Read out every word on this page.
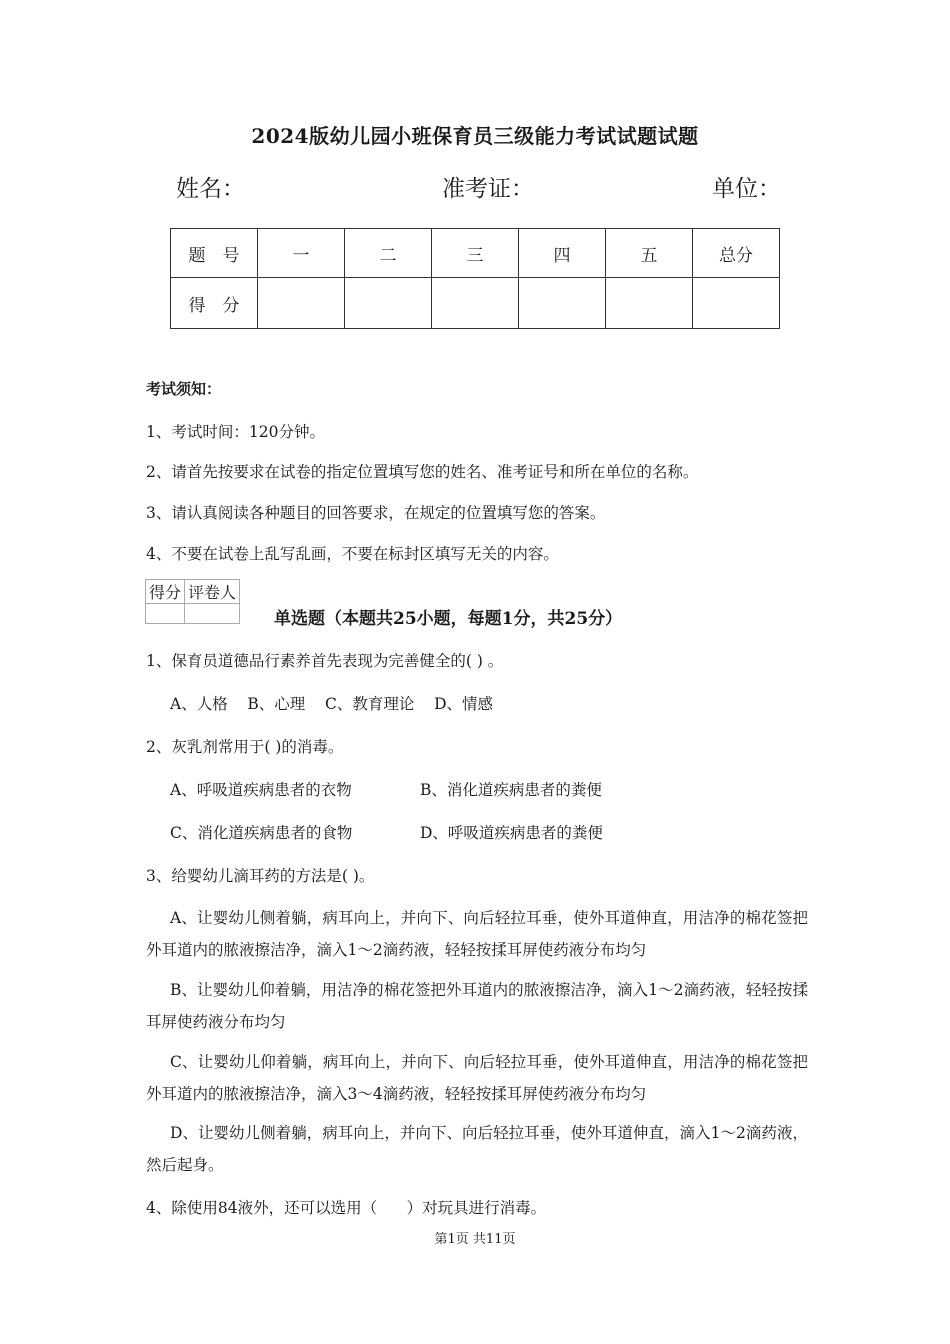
2024版幼儿园小班保育员三级能力考试试题试题
姓名：	准考证：	单位：
题　号	一	二	三	四	五	总分
得　分						
考试须知：
1、考试时间：120分钟。
2、请首先按要求在试卷的指定位置填写您的姓名、准考证号和所在单位的名称。
3、请认真阅读各种题目的回答要求，在规定的位置填写您的答案。
4、不要在试卷上乱写乱画，不要在标封区填写无关的内容。
得分	评卷人

单选题（本题共25小题，每题1分，共25分）
1、保育员道德品行素养首先表现为完善健全的( ) 。
A、人格    B、心理    C、教育理论    D、情感
2、灰乳剂常用于( )的消毒。
A、呼吸道疾病患者的衣物	B、消化道疾病患者的粪便
C、消化道疾病患者的食物	D、呼吸道疾病患者的粪便
3、给婴幼儿滴耳药的方法是( )。
A、让婴幼儿侧着躺，病耳向上，并向下、向后轻拉耳垂，使外耳道伸直，用洁净的棉花签把外耳道内的脓液擦洁净，滴入1～2滴药液，轻轻按揉耳屏使药液分布均匀
B、让婴幼儿仰着躺，用洁净的棉花签把外耳道内的脓液擦洁净，滴入1～2滴药液，轻轻按揉耳屏使药液分布均匀
C、让婴幼儿仰着躺，病耳向上，并向下、向后轻拉耳垂，使外耳道伸直，用洁净的棉花签把外耳道内的脓液擦洁净，滴入3～4滴药液，轻轻按揉耳屏使药液分布均匀
D、让婴幼儿侧着躺，病耳向上，并向下、向后轻拉耳垂，使外耳道伸直，滴入1～2滴药液，然后起身。
4、除使用84液外，还可以选用（      ）对玩具进行消毒。
第1页 共11页
